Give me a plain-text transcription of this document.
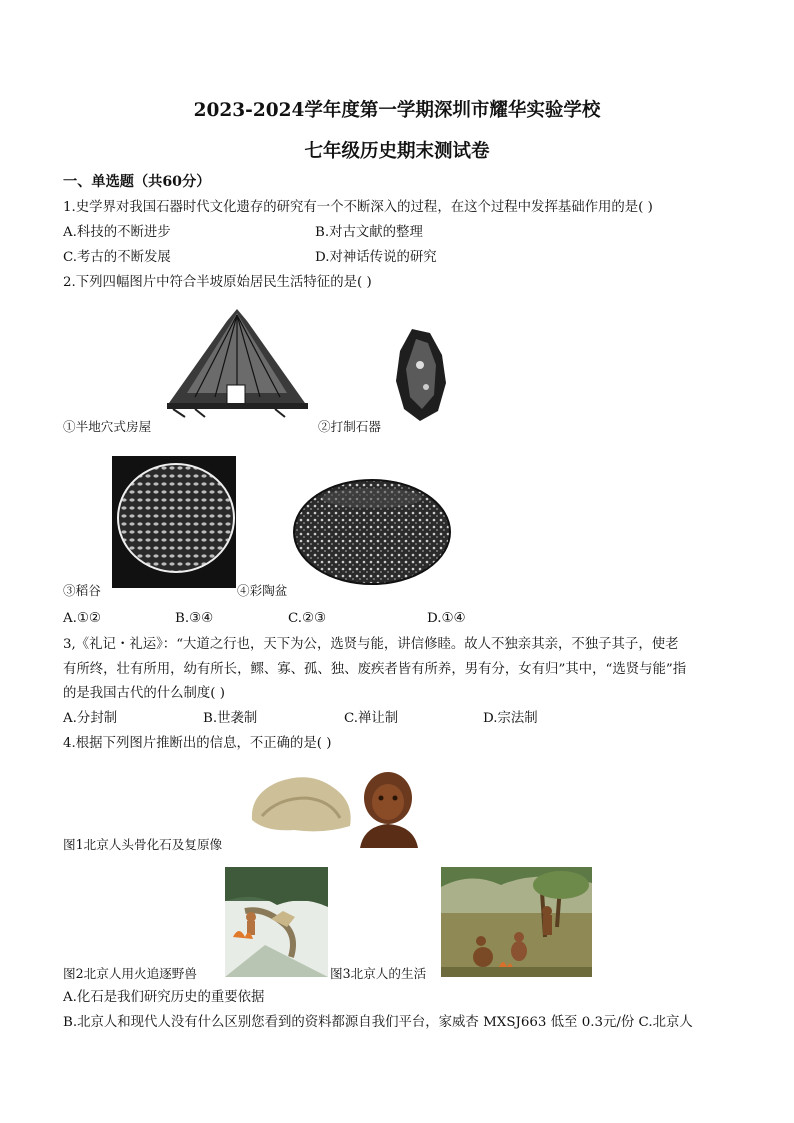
2023-2024学年度第一学期深圳市耀华实验学校
七年级历史期末测试卷
一、单选题（共60分）
1.史学界对我国石器时代文化遗存的研究有一个不断深入的过程，在这个过程中发挥基础作用的是( )
A.科技的不断进步	B.对古文献的整理
C.考古的不断发展	D.对神话传说的研究
2.下列四幅图片中符合半坡原始居民生活特征的是( )
①半地穴式房屋	②打制石器
③稻谷	④彩陶盆
A.①②	B.③④	C.②③	D.①④
3,《礼记・礼运》：“大道之行也，天下为公，选贤与能，讲信修睦。故人不独亲其亲，不独子其子，使老
有所终，壮有所用，幼有所长，鳏、寡、孤、独、废疾者皆有所养，男有分，女有归”其中，“选贤与能”指
的是我国古代的什么制度( )
A.分封制	B.世袭制	C.禅让制	D.宗法制
4.根据下列图片推断出的信息，不正确的是( )
图1北京人头骨化石及复原像
图2北京人用火追逐野兽	图3北京人的生活
A.化石是我们研究历史的重要依据
B.北京人和现代人没有什么区别您看到的资料都源自我们平台，家威杏 MXSJ663 低至 0.3元/份 C.北京人
